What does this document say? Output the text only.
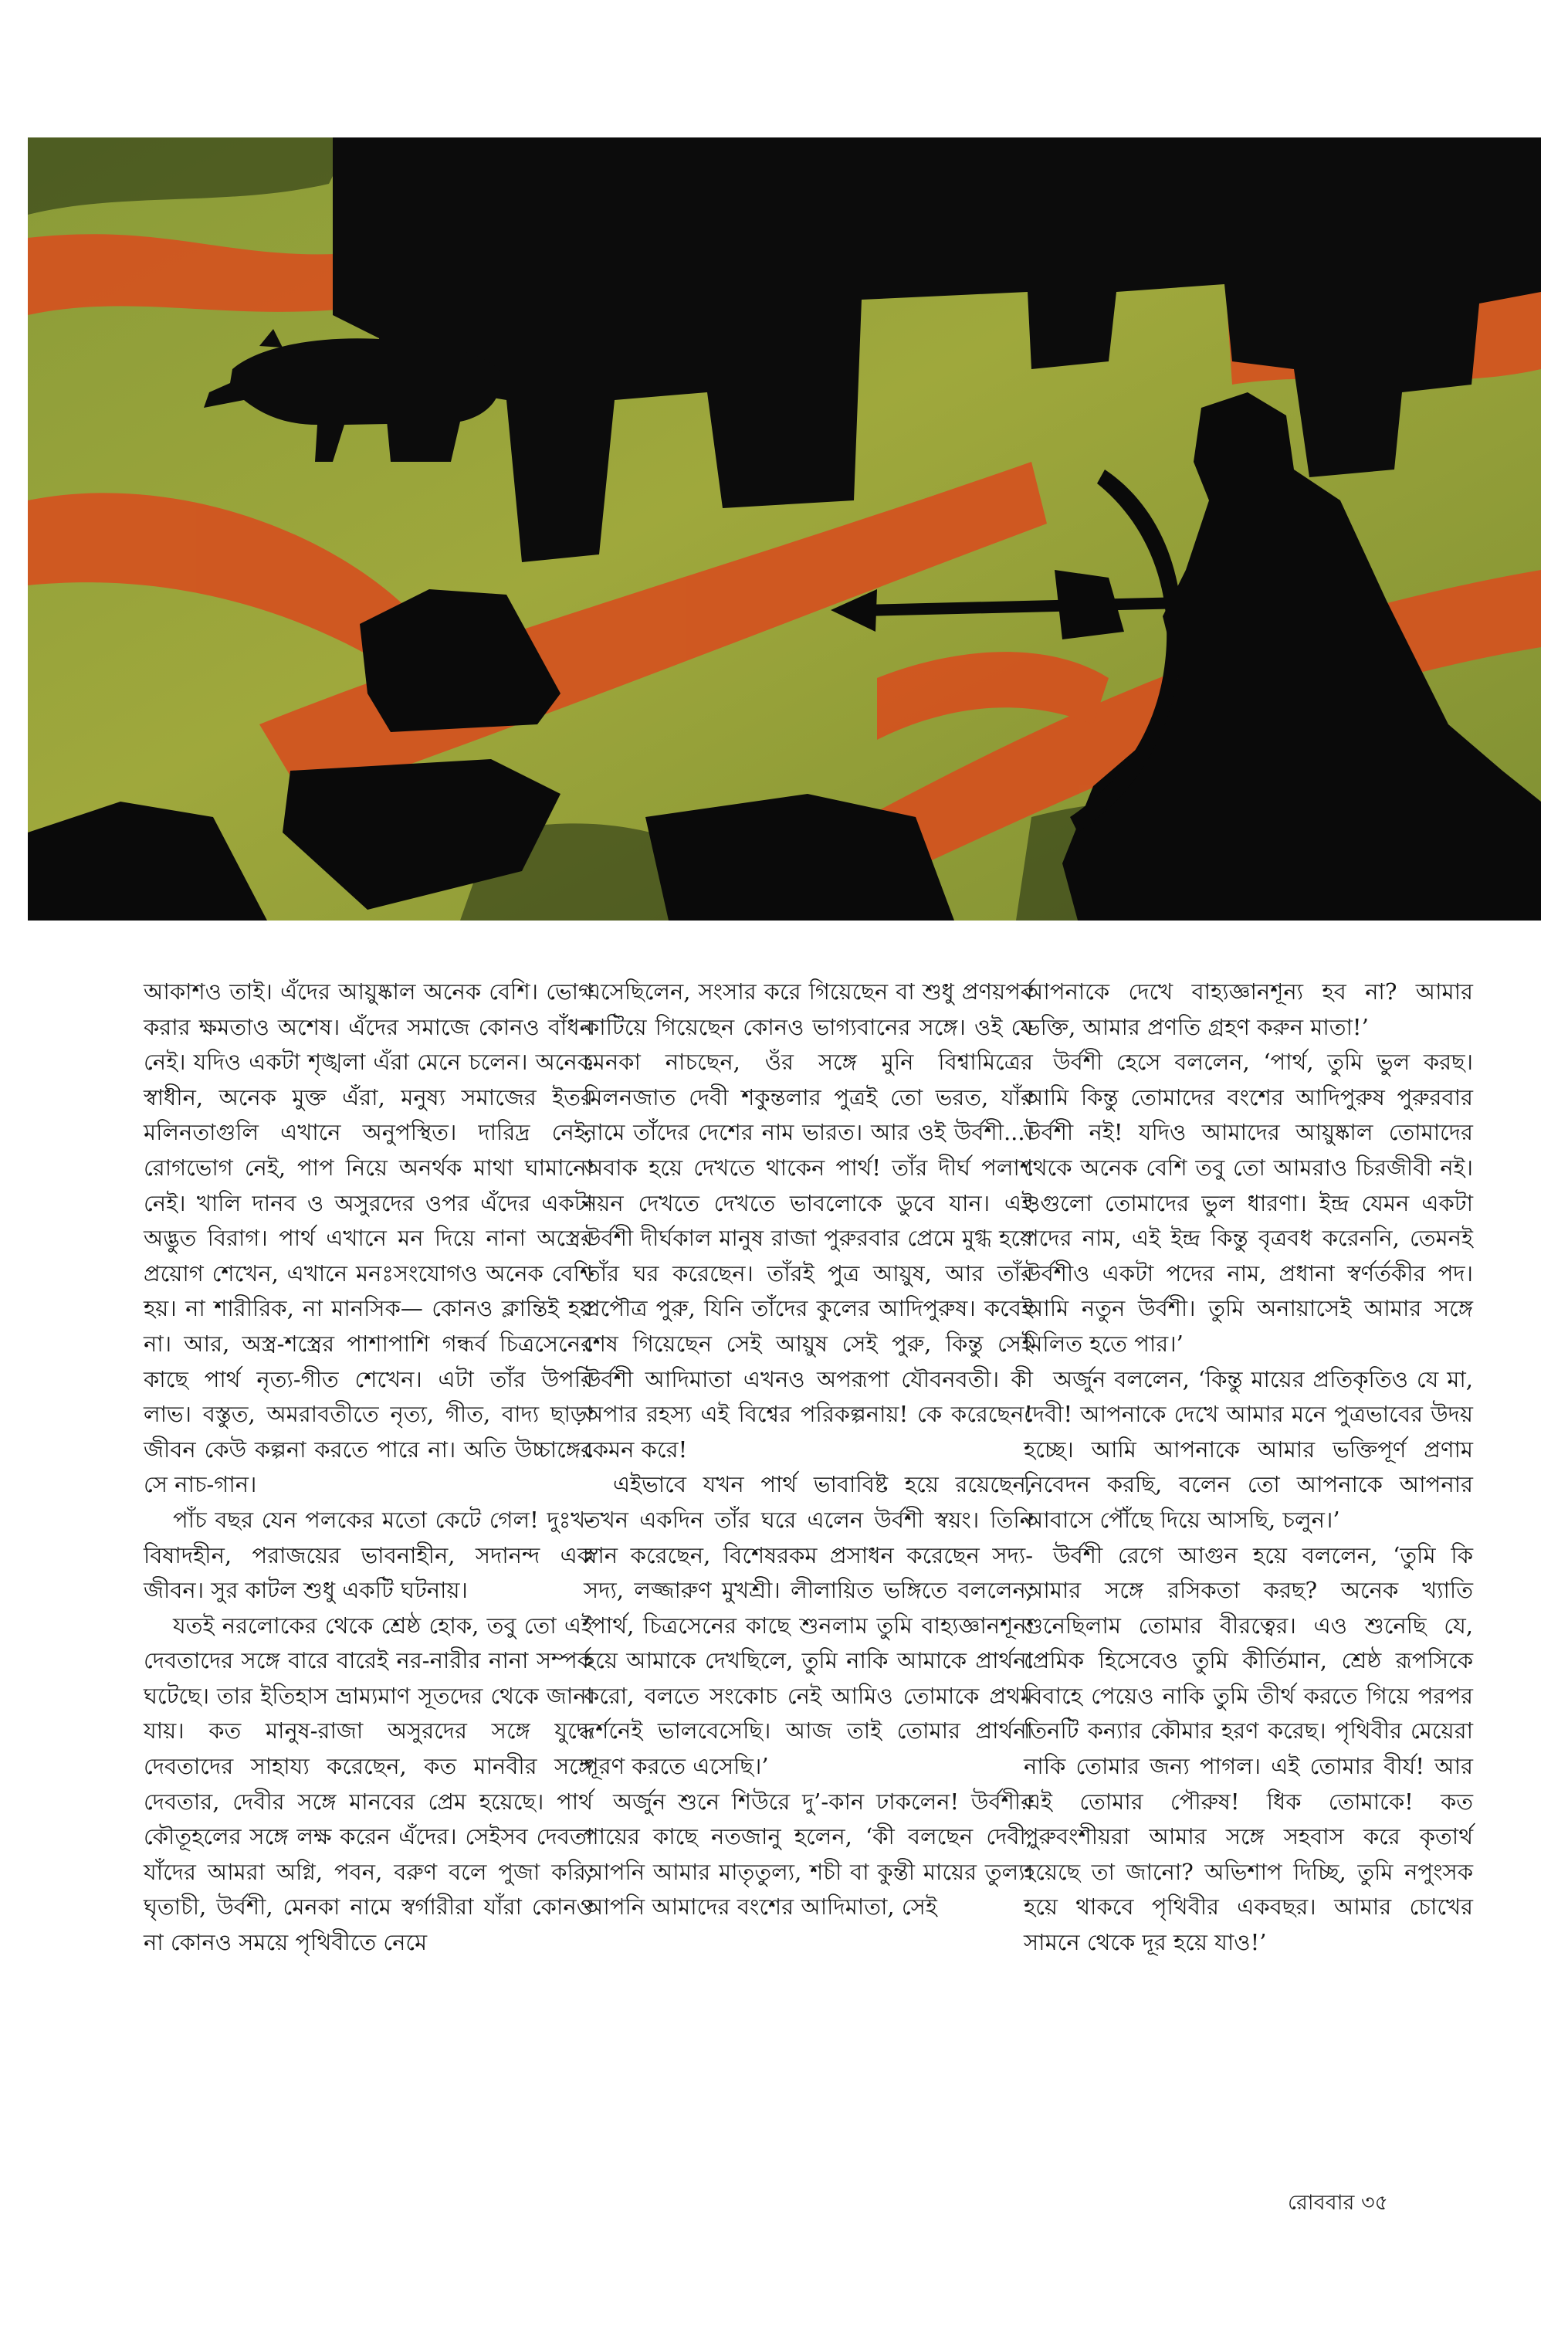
আকাশও তাই। এঁদের আয়ুষ্কাল অনেক বেশি। ভোগ করার ক্ষমতাও অশেষ। এঁদের সমাজে কোনও বাঁধন নেই। যদিও একটা শৃঙ্খলা এঁরা মেনে চলেন। অনেক স্বাধীন, অনেক মুক্ত এঁরা, মনুষ্য সমাজের ইতর মলিনতাগুলি এখানে অনুপস্থিত। দারিদ্র নেই, রোগভোগ নেই, পাপ নিয়ে অনর্থক মাথা ঘামানো নেই। খালি দানব ও অসুরদের ওপর এঁদের একটা অদ্ভুত বিরাগ। পার্থ এখানে মন দিয়ে নানা অস্ত্রের প্রয়োগ শেখেন, এখানে মনঃসংযোগও অনেক বেশি হয়। না শারীরিক, না মানসিক— কোনও ক্লান্তিই হয় না। আর, অস্ত্র-শস্ত্রের পাশাপাশি গন্ধর্ব চিত্রসেনের কাছে পার্থ নৃত্য-গীত শেখেন। এটা তাঁর উপরি লাভ। বস্তুত, অমরাবতীতে নৃত্য, গীত, বাদ্য ছাড়া জীবন কেউ কল্পনা করতে পারে না। অতি উচ্চাঙ্গের সে নাচ-গান।

পাঁচ বছর যেন পলকের মতো কেটে গেল! দুঃখ-বিষাদহীন, পরাজয়ের ভাবনাহীন, সদানন্দ এক জীবন। সুর কাটল শুধু একটি ঘটনায়।

যতই নরলোকের থেকে শ্রেষ্ঠ হোক, তবু তো এই দেবতাদের সঙ্গে বারে বারেই নর-নারীর নানা সম্পর্ক ঘটেছে। তার ইতিহাস ভ্রাম্যমাণ সূতদের থেকে জানা যায়। কত মানুষ-রাজা অসুরদের সঙ্গে যুদ্ধে দেবতাদের সাহায্য করেছেন, কত মানবীর সঙ্গে দেবতার, দেবীর সঙ্গে মানবের প্রেম হয়েছে। পার্থ কৌতূহলের সঙ্গে লক্ষ করেন এঁদের। সেইসব দেবতা যাঁদের আমরা অগ্নি, পবন, বরুণ বলে পুজা করি, ঘৃতাচী, উর্বশী, মেনকা নামে স্বর্গারীরা যাঁরা কোনও না কোনও সময়ে পৃথিবীতে নেমে

এসেছিলেন, সংসার করে গিয়েছেন বা শুধু প্রণয়পর্ব কাটিয়ে গিয়েছেন কোনও ভাগ্যবানের সঙ্গে। ওই যে মেনকা নাচছেন, ওঁর সঙ্গে মুনি বিশ্বামিত্রের মিলনজাত দেবী শকুন্তলার পুত্রই তো ভরত, যাঁর নামে তাঁদের দেশের নাম ভারত। আর ওই উর্বশী...। অবাক হয়ে দেখতে থাকেন পার্থ! তাঁর দীর্ঘ পলাশ নয়ন দেখতে দেখতে ভাবলোকে ডুবে যান। এই উর্বশী দীর্ঘকাল মানুষ রাজা পুরুরবার প্রেমে মুগ্ধ হয়ে তাঁর ঘর করেছেন। তাঁরই পুত্র আয়ুষ, আর তাঁর প্রপৌত্র পুরু, যিনি তাঁদের কুলের আদিপুরুষ। কবেই শেষ গিয়েছেন সেই আয়ুষ সেই পুরু, কিন্তু সেই উর্বশী আদিমাতা এখনও অপরূপা যৌবনবতী। কী অপার রহস্য এই বিশ্বের পরিকল্পনায়! কে করেছেন! কেমন করে!

এইভাবে যখন পার্থ ভাবাবিষ্ট হয়ে রয়েছেন, তখন একদিন তাঁর ঘরে এলেন উর্বশী স্বয়ং। তিনি স্নান করেছেন, বিশেষরকম প্রসাধন করেছেন সদ্য-সদ্য, লজ্জারুণ মুখশ্রী। লীলায়িত ভঙ্গিতে বললেন, ‘পার্থ, চিত্রসেনের কাছে শুনলাম তুমি বাহ্যজ্ঞানশূন্য হয়ে আমাকে দেখছিলে, তুমি নাকি আমাকে প্রার্থনা করো, বলতে সংকোচ নেই আমিও তোমাকে প্রথম দর্শনেই ভালবেসেছি। আজ তাই তোমার প্রার্থনা পূরণ করতে এসেছি।’

অর্জুন শুনে শিউরে দু’-কান ঢাকলেন! উর্বশীর পায়ের কাছে নতজানু হলেন, ‘কী বলছেন দেবী, আপনি আমার মাতৃতুল্য, শচী বা কুন্তী মায়ের তুল্য। আপনি আমাদের বংশের আদিমাতা, সেই

আপনাকে দেখে বাহ্যজ্ঞানশূন্য হব না? আমার ভক্তি, আমার প্রণতি গ্রহণ করুন মাতা!’

উর্বশী হেসে বললেন, ‘পার্থ, তুমি ভুল করছ। আমি কিন্তু তোমাদের বংশের আদিপুরুষ পুরুরবার উর্বশী নই! যদিও আমাদের আয়ুষ্কাল তোমাদের থেকে অনেক বেশি তবু তো আমরাও চিরজীবী নই। ওগুলো তোমাদের ভুল ধারণা। ইন্দ্র যেমন একটা পদের নাম, এই ইন্দ্র কিন্তু বৃত্রবধ করেননি, তেমনই উর্বশীও একটা পদের নাম, প্রধানা স্বর্ণর্তকীর পদ। আমি নতুন উর্বশী। তুমি অনায়াসেই আমার সঙ্গে মিলিত হতে পার।’

অর্জুন বললেন, ‘কিন্তু মায়ের প্রতিকৃতিও যে মা, দেবী! আপনাকে দেখে আমার মনে পুত্রভাবের উদয় হচ্ছে। আমি আপনাকে আমার ভক্তিপূর্ণ প্রণাম নিবেদন করছি, বলেন তো আপনাকে আপনার আবাসে পৌঁছে দিয়ে আসছি, চলুন।’

উর্বশী রেগে আগুন হয়ে বললেন, ‘তুমি কি আমার সঙ্গে রসিকতা করছ? অনেক খ্যাতি শুনেছিলাম তোমার বীরত্বের। এও শুনেছি যে, প্রেমিক হিসেবেও তুমি কীর্তিমান, শ্রেষ্ঠ রূপসিকে বিবাহে পেয়েও নাকি তুমি তীর্থ করতে গিয়ে পরপর তিনটি কন্যার কৌমার হরণ করেছ। পৃথিবীর মেয়েরা নাকি তোমার জন্য পাগল। এই তোমার বীর্য! আর এই তোমার পৌরুষ! ধিক তোমাকে! কত পুরুবংশীয়রা আমার সঙ্গে সহবাস করে কৃতার্থ হয়েছে তা জানো? অভিশাপ দিচ্ছি, তুমি নপুংসক হয়ে থাকবে পৃথিবীর একবছর। আমার চোখের সামনে থেকে দূর হয়ে যাও!’

রোববার ৩৫
